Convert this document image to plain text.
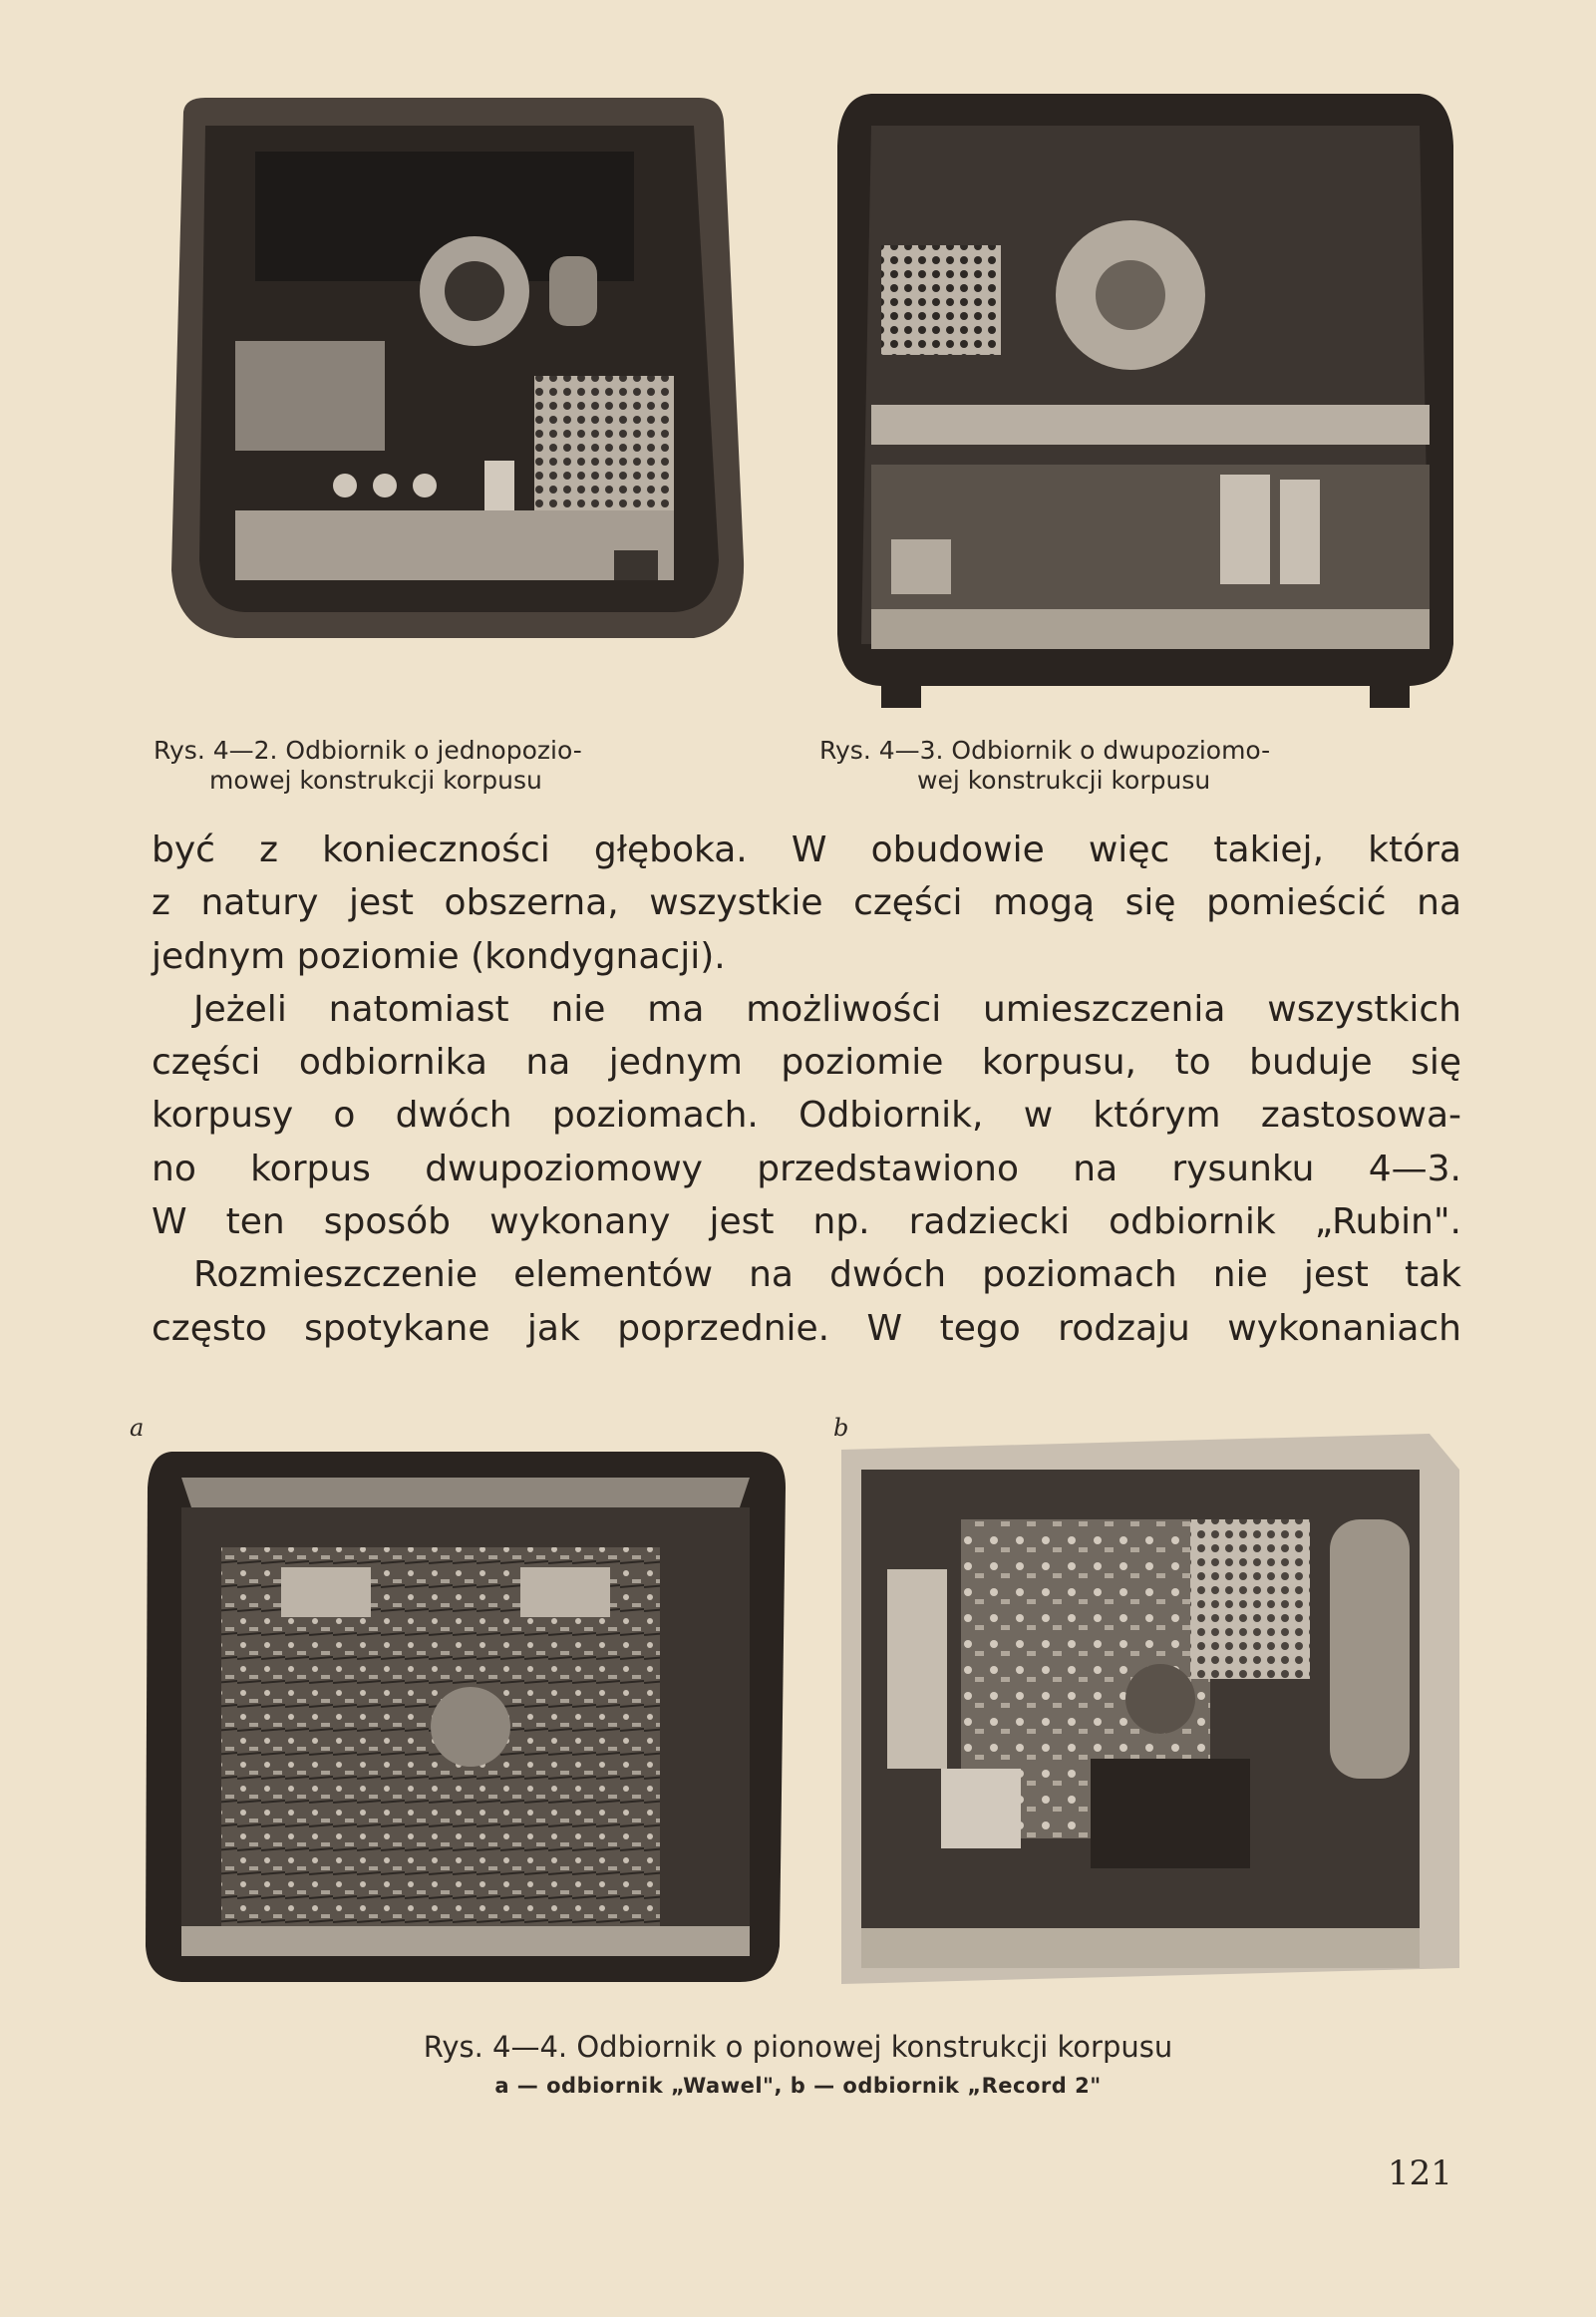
Rys. 4—2. Odbiornik o jednopozio-
mowej konstrukcji korpusu
Rys. 4—3. Odbiornik o dwupoziomo-
wej konstrukcji korpusu
być z konieczności głęboka. W obudowie więc takiej, która
z natury jest obszerna, wszystkie części mogą się pomieścić na
jednym poziomie (kondygnacji).
Jeżeli natomiast nie ma możliwości umieszczenia wszystkich
części odbiornika na jednym poziomie korpusu, to buduje się
korpusy o dwóch poziomach. Odbiornik, w którym zastosowa-
no korpus dwupoziomowy przedstawiono na rysunku 4—3.
W ten sposób wykonany jest np. radziecki odbiornik „Rubin".
Rozmieszczenie elementów na dwóch poziomach nie jest tak
często spotykane jak poprzednie. W tego rodzaju wykonaniach
a	b
Rys. 4—4. Odbiornik o pionowej konstrukcji korpusu
a — odbiornik „Wawel", b — odbiornik „Record 2"
121
